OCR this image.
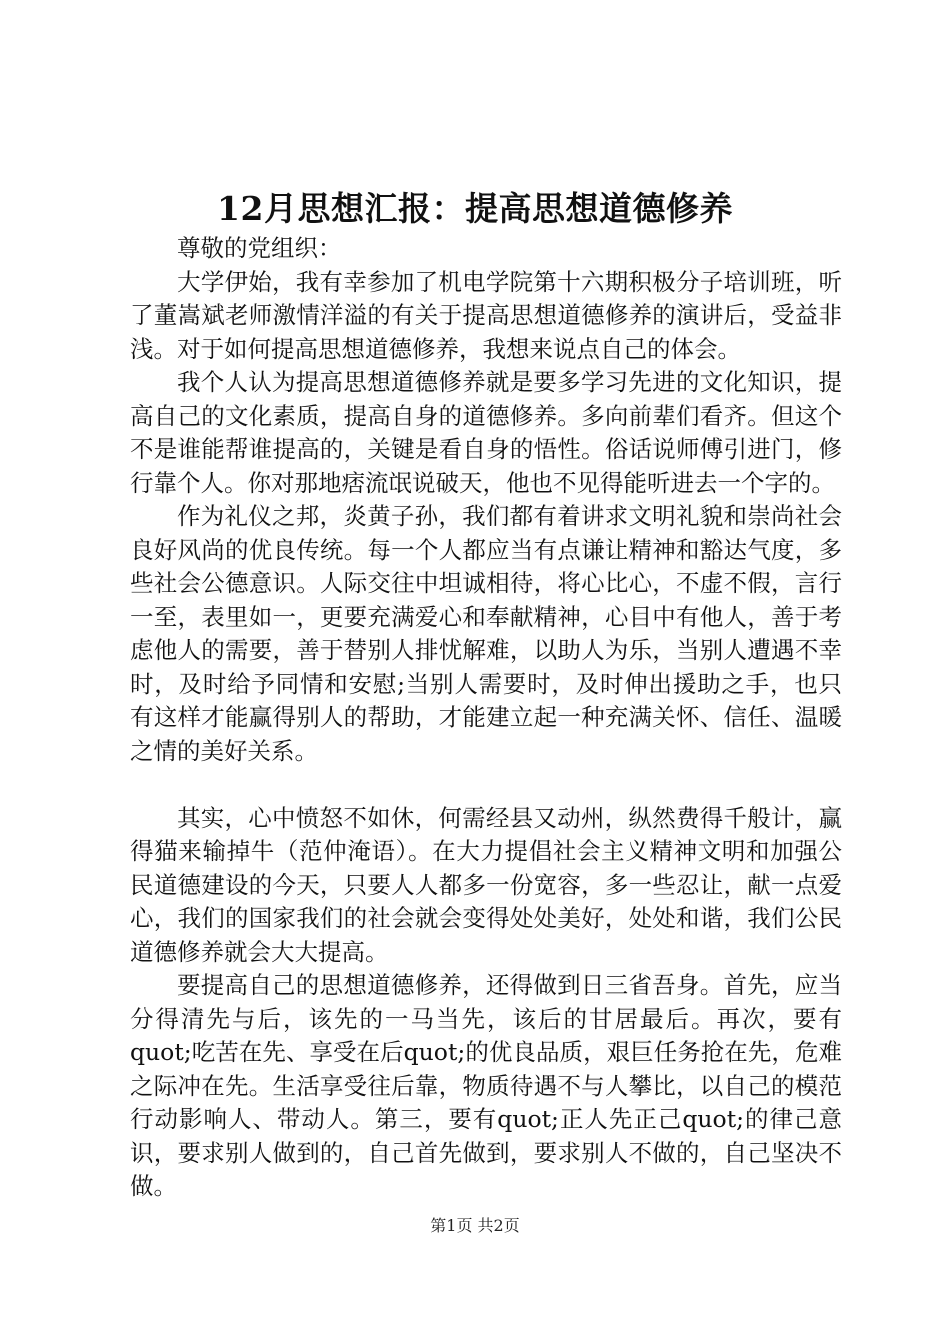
12月思想汇报：提高思想道德修养

尊敬的党组织：

大学伊始，我有幸参加了机电学院第十六期积极分子培训班，听了董嵩斌老师激情洋溢的有关于提高思想道德修养的演讲后，受益非浅。对于如何提高思想道德修养，我想来说点自己的体会。

我个人认为提高思想道德修养就是要多学习先进的文化知识，提高自己的文化素质，提高自身的道德修养。多向前辈们看齐。但这个不是谁能帮谁提高的，关键是看自身的悟性。俗话说师傅引进门，修行靠个人。你对那地痞流氓说破天，他也不见得能听进去一个字的。

作为礼仪之邦，炎黄子孙，我们都有着讲求文明礼貌和崇尚社会良好风尚的优良传统。每一个人都应当有点谦让精神和豁达气度，多些社会公德意识。人际交往中坦诚相待，将心比心，不虚不假，言行一至，表里如一，更要充满爱心和奉献精神，心目中有他人，善于考虑他人的需要，善于替别人排忧解难，以助人为乐，当别人遭遇不幸时，及时给予同情和安慰;当别人需要时，及时伸出援助之手，也只有这样才能赢得别人的帮助，才能建立起一种充满关怀、信任、温暖之情的美好关系。

其实，心中愤怒不如休，何需经县又动州，纵然费得千般计，赢得猫来输掉牛（范仲淹语）。在大力提倡社会主义精神文明和加强公民道德建设的今天，只要人人都多一份宽容，多一些忍让，献一点爱心，我们的国家我们的社会就会变得处处美好，处处和谐，我们公民道德修养就会大大提高。

要提高自己的思想道德修养，还得做到日三省吾身。首先，应当分得清先与后，该先的一马当先，该后的甘居最后。再次，要有quot;吃苦在先、享受在后quot;的优良品质，艰巨任务抢在先，危难之际冲在先。生活享受往后靠，物质待遇不与人攀比，以自己的模范行动影响人、带动人。第三，要有quot;正人先正己quot;的律己意识，要求别人做到的，自己首先做到，要求别人不做的，自己坚决不做。

第1页 共2页
